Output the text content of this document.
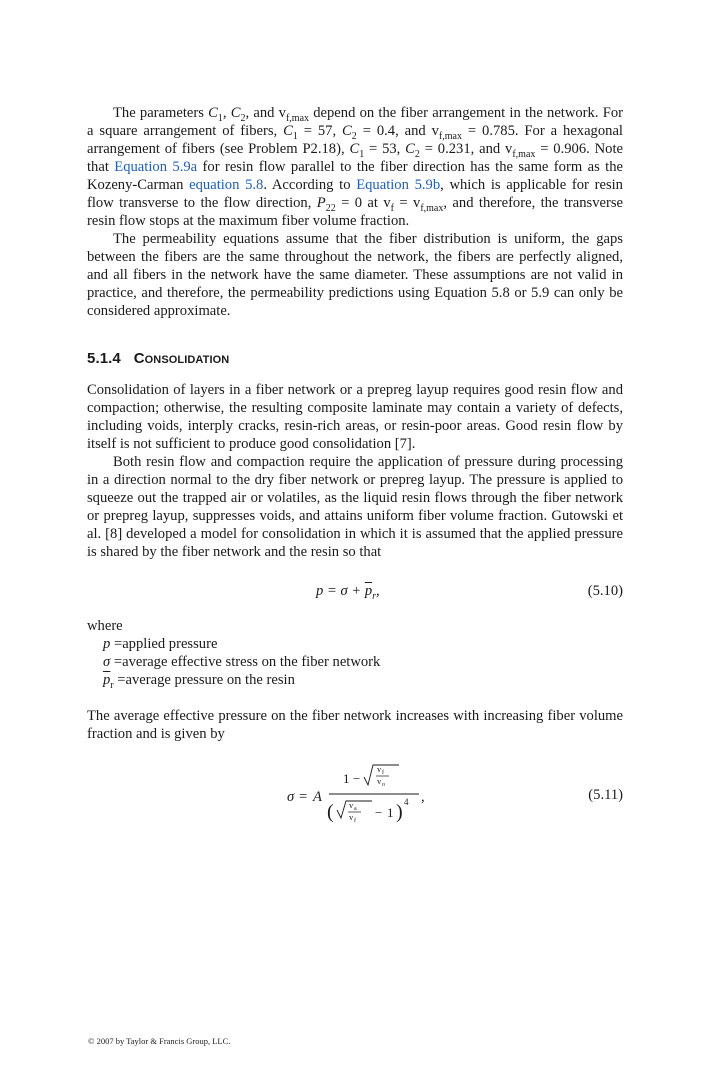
The parameters $C_1$, $C_2$, and $v_{f,max}$ depend on the fiber arrangement in the network. For a square arrangement of fibers, $C_1 = 57$, $C_2 = 0.4$, and $v_{f,max} = 0.785$. For a hexagonal arrangement of fibers (see Problem P2.18), $C_1 = 53$, $C_2 = 0.231$, and $v_{f,max} = 0.906$. Note that Equation 5.9a for resin flow parallel to the fiber direction has the same form as the Kozeny-Carman equation 5.8. According to Equation 5.9b, which is applicable for resin flow transverse to the flow direction, $P_{22} = 0$ at $v_f = v_{f,max}$, and therefore, the transverse resin flow stops at the maximum fiber volume fraction.

The permeability equations assume that the fiber distribution is uniform, the gaps between the fibers are the same throughout the network, the fibers are perfectly aligned, and all fibers in the network have the same diameter. These assumptions are not valid in practice, and therefore, the permeability predictions using Equation 5.8 or 5.9 can only be considered approximate.

5.1.4 Consolidation

Consolidation of layers in a fiber network or a prepreg layup requires good resin flow and compaction; otherwise, the resulting composite laminate may contain a variety of defects, including voids, interply cracks, resin-rich areas, or resin-poor areas. Good resin flow by itself is not sufficient to produce good consolidation [7].

Both resin flow and compaction require the application of pressure during processing in a direction normal to the dry fiber network or prepreg layup. The pressure is applied to squeeze out the trapped air or volatiles, as the liquid resin flows through the fiber network or prepreg layup, suppresses voids, and attains uniform fiber volume fraction. Gutowski et al. [8] developed a model for consolidation in which it is assumed that the applied pressure is shared by the fiber network and the resin so that

$p = \sigma + \overline{p}_r$,	(5.10)

where

p =applied pressure
σ =average effective stress on the fiber network
$\overline{p}_r$ =average pressure on the resin

The average effective pressure on the fiber network increases with increasing fiber volume fraction and is given by

σ = A
1 −
v f
v o
( v a
v f
− 1 ) 4 ,	(5.11)
© 2007 by Taylor & Francis Group, LLC.
